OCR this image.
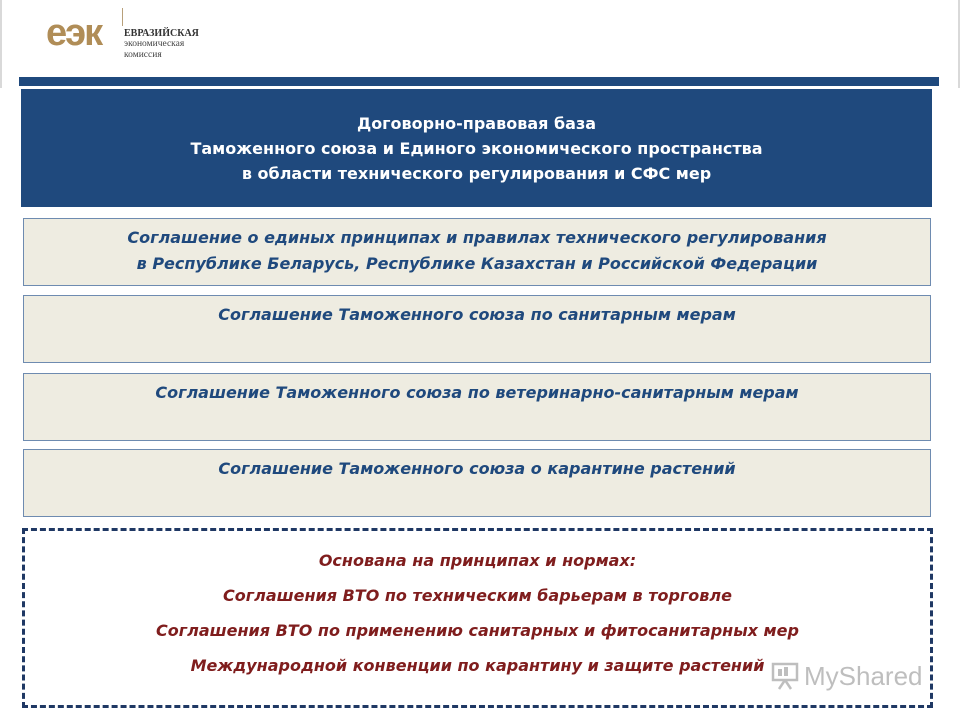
еэк ЕВРАЗИЙСКАЯ
экономическая
комиссия
Договорно-правовая база
Таможенного союза и Единого экономического пространства
в области технического регулирования и СФС мер
Соглашение о единых принципах и правилах технического регулирования
в Республике Беларусь, Республике Казахстан и Российской Федерации
Соглашение Таможенного союза по санитарным мерам
Соглашение Таможенного союза по ветеринарно-санитарным мерам
Соглашение Таможенного союза о карантине растений
Основана на принципах и нормах:
Соглашения ВТО по техническим барьерам в торговле
Соглашения ВТО по применению санитарных и фитосанитарных мер
Международной конвенции по карантину и защите растений	MyShared
